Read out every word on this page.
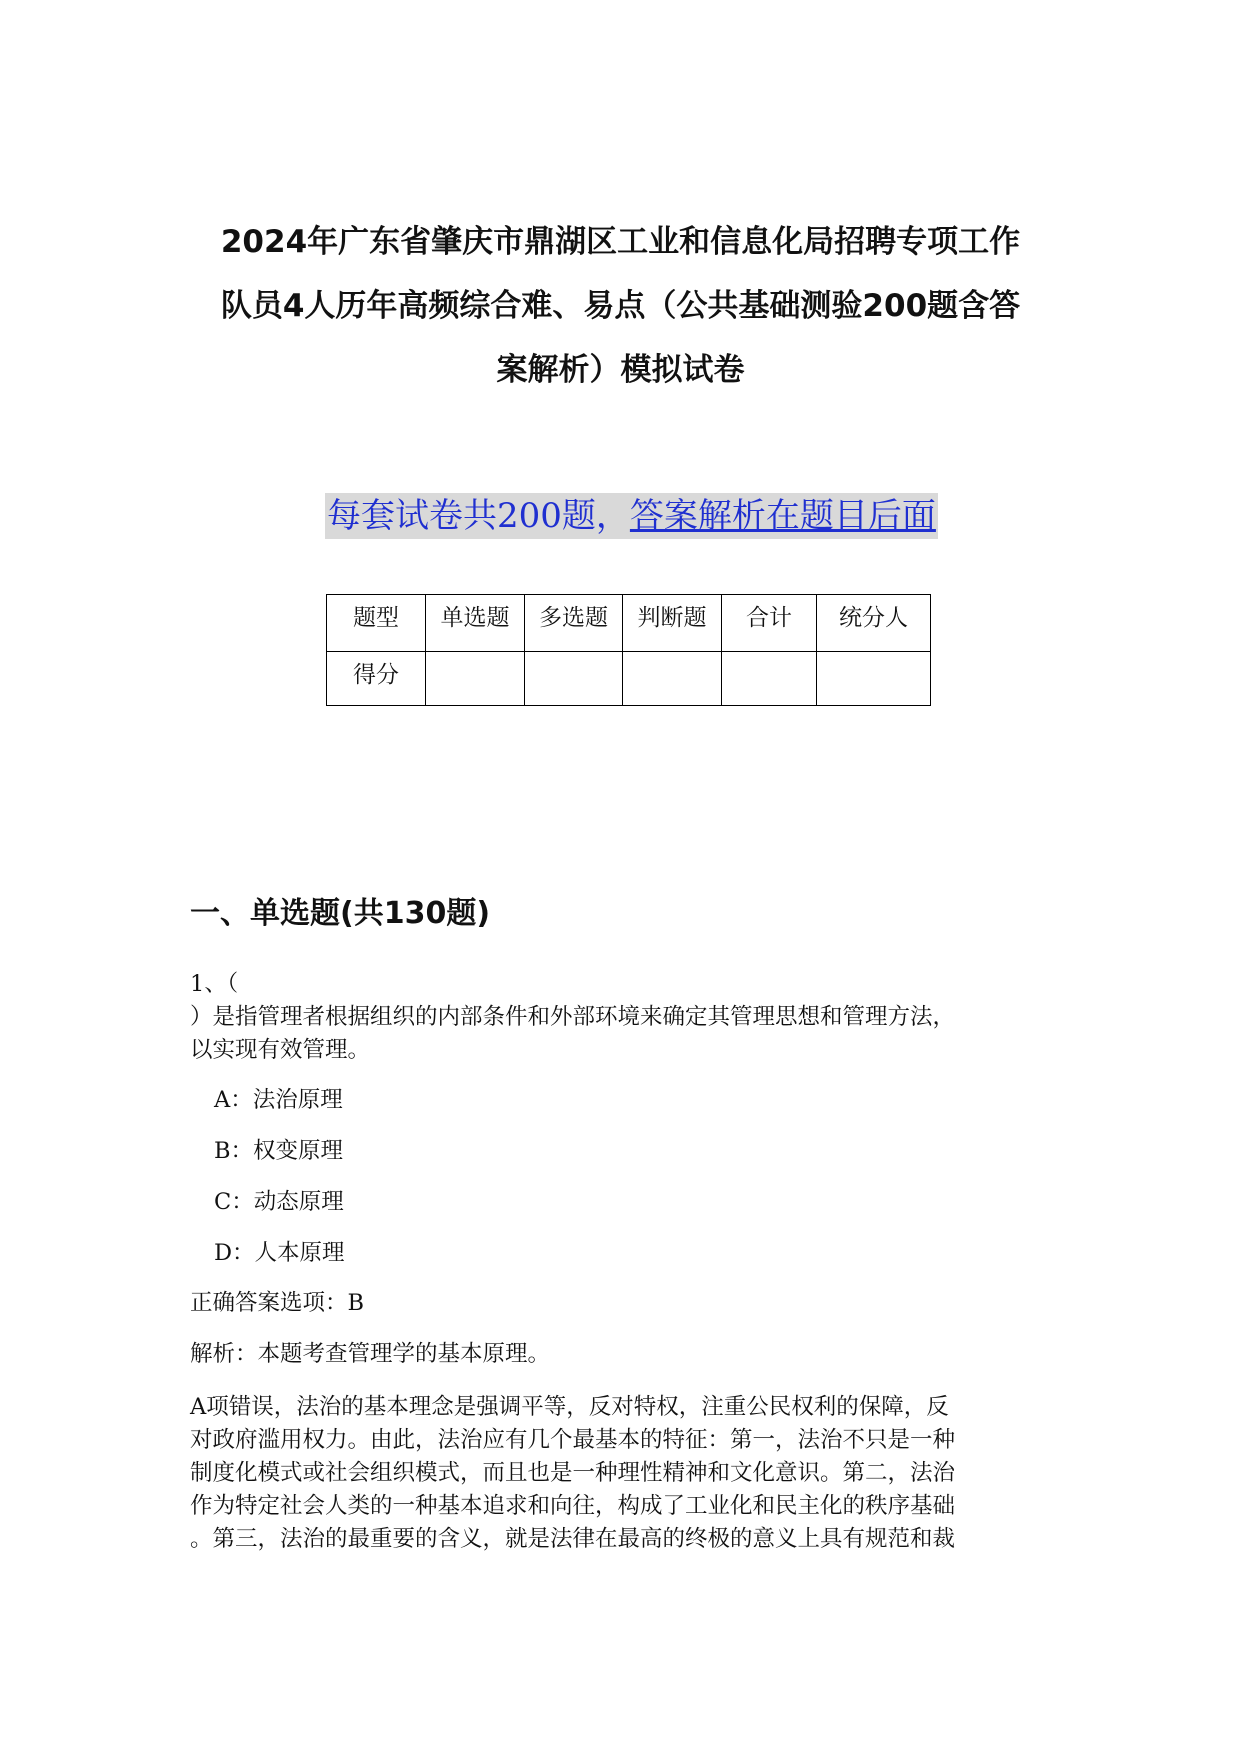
2024年广东省肇庆市鼎湖区工业和信息化局招聘专项工作
队员4人历年高频综合难、易点（公共基础测验200题含答
案解析）模拟试卷
每套试卷共200题，答案解析在题目后面
题型	单选题	多选题	判断题	合计	统分人
得分					
一、单选题(共130题)

1、（
）是指管理者根据组织的内部条件和外部环境来确定其管理思想和管理方法，
以实现有效管理。

A：法治原理
B：权变原理
C：动态原理
D：人本原理

正确答案选项：B

解析：本题考查管理学的基本原理。

A项错误，法治的基本理念是强调平等，反对特权，注重公民权利的保障，反
对政府滥用权力。由此，法治应有几个最基本的特征：第一，法治不只是一种
制度化模式或社会组织模式，而且也是一种理性精神和文化意识。第二，法治
作为特定社会人类的一种基本追求和向往，构成了工业化和民主化的秩序基础
。第三，法治的最重要的含义，就是法律在最高的终极的意义上具有规范和裁
